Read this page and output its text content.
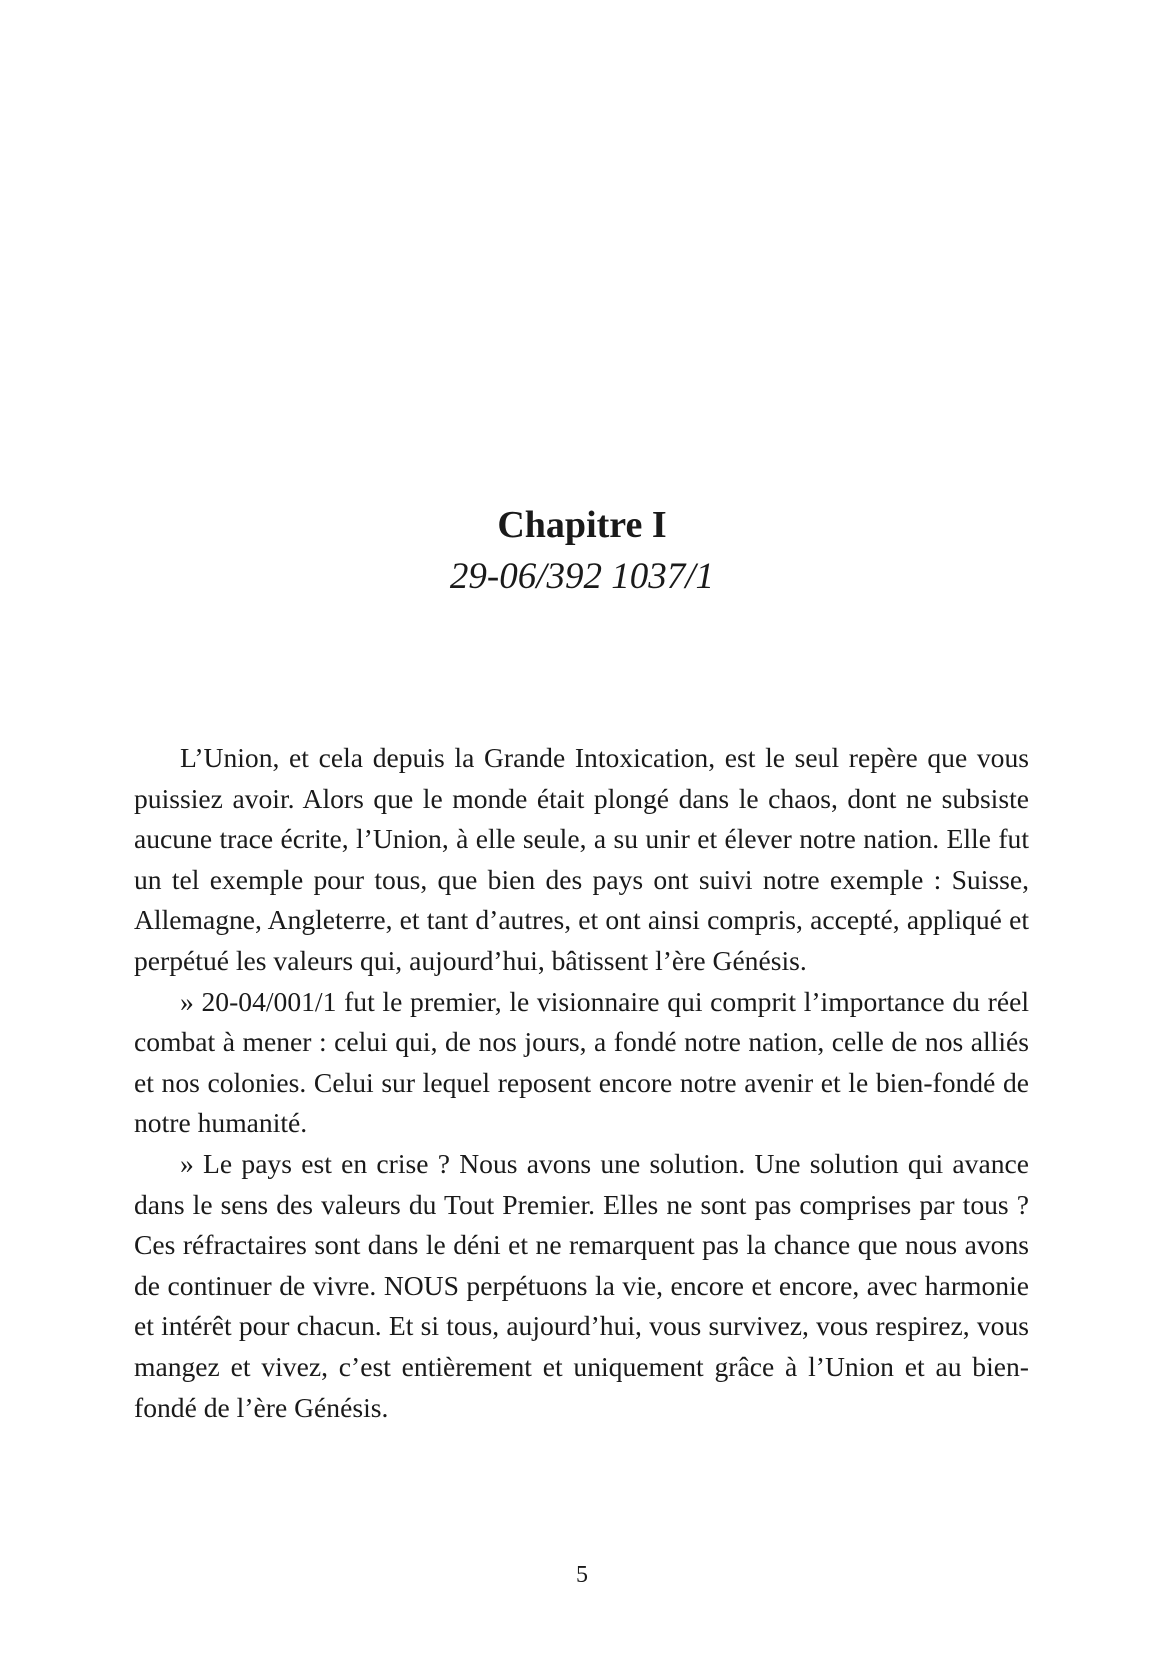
Chapitre I
29-06/392 1037/1

L’Union, et cela depuis la Grande Intoxication, est le seul repère que vous puissiez avoir. Alors que le monde était plongé dans le chaos, dont ne subsiste aucune trace écrite, l’Union, à elle seule, a su unir et élever notre nation. Elle fut un tel exemple pour tous, que bien des pays ont suivi notre exemple : Suisse, Allemagne, Angleterre, et tant d’autres, et ont ainsi compris, accepté, appliqué et perpétué les valeurs qui, aujourd’hui, bâtissent l’ère Génésis.

» 20-04/001/1 fut le premier, le visionnaire qui comprit l’importance du réel combat à mener : celui qui, de nos jours, a fondé notre nation, celle de nos alliés et nos colonies. Celui sur lequel reposent encore notre avenir et le bien-fondé de notre humanité.

» Le pays est en crise ? Nous avons une solution. Une solution qui avance dans le sens des valeurs du Tout Premier. Elles ne sont pas comprises par tous ? Ces réfractaires sont dans le déni et ne remarquent pas la chance que nous avons de continuer de vivre. NOUS perpétuons la vie, encore et encore, avec harmonie et intérêt pour chacun. Et si tous, aujourd’hui, vous survivez, vous respirez, vous mangez et vivez, c’est entièrement et uniquement grâce à l’Union et au bien-fondé de l’ère Génésis.

5
